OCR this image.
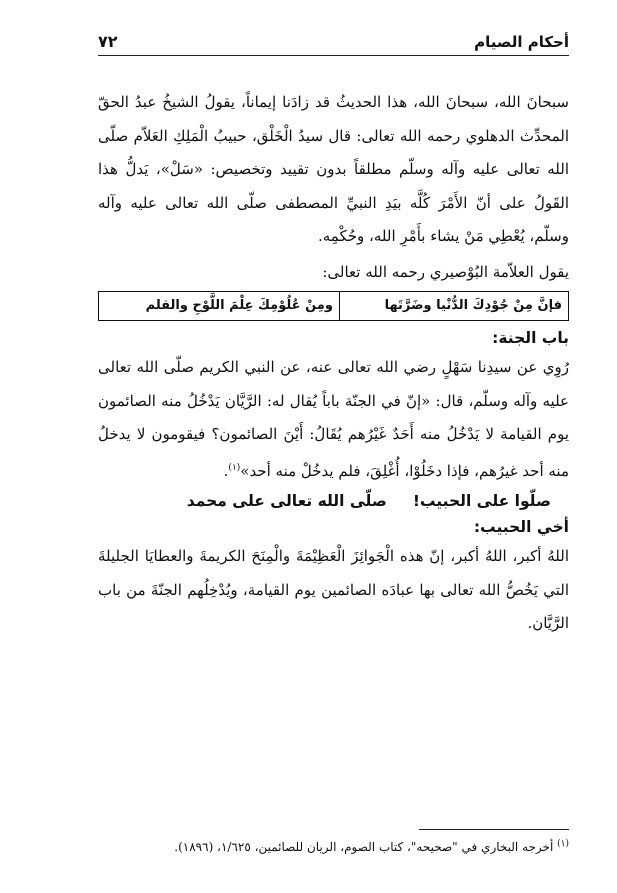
أحكام الصيام
٧٢

سبحانَ الله، سبحانَ الله، هذا الحديثُ قد زادَنا إيماناً، يقولُ الشيخُ عبدُ الحقّ المحدِّث الدهلوي رحمه الله تعالى: قال سيدُ الْخَلْق، حبيبُ الْمَلِكِ العَلاّم صلّى الله تعالى عليه وآله وسلّم مطلقاً بدون تقييد وتخصيص: «سَلْ»، يَدلُّ هذا القَولُ على أنّ الأَمْرَ كُلَّه بيَدِ النبيِّ المصطفى صلّى الله تعالى عليه وآله وسلّم، يُعْطِي مَنْ يشاء بأَمْرِ الله، وحُكْمِه.

يقول العلاّمة البُوْصيري رحمه الله تعالى:

فإنَّ مِنْ جُوْدِكَ الدُّنْيا وضَرَّتَها	ومِنْ عُلُوْمِكَ عِلْمَ اللَّوْحِ والقلم

باب الجنة:

رُوِي عن سيدِنا سَهْلٍ رضي الله تعالى عنه، عن النبي الكريم صلّى الله تعالى عليه وآله وسلّم، قال: «إنّ في الجنّة باباً يُقال له: الرَّيَّان يَدْخُلُ منه الصائمون يوم القيامة لا يَدْخُلُ منه أَحَدٌ غَيْرُهم يُقَالُ: أَيْنَ الصائمون؟ فيقومون لا يدخلُ منه أحد غيرُهم، فإذا دخَلُوْا، أُغْلِقَ، فلم يدخُلْ منه أحد»$^{(١)}$.

صلّوا على الحبيب!
صلّى الله تعالى على محمد

أخي الحبيب:

اللهُ أكبر، اللهُ أكبر، إنّ هذه الْجَوائِزَ الْعَظِيْمَةَ والْمِنَحَ الكريمةَ والعطايَا الجليلةَ التي يَخُصُّ الله تعالى بها عبادَه الصائمين يوم القيامة، ويُدْخِلُهم الجنّةَ من باب الرَّيَّان.

$^{(١)}$ أخرجه البخاري في "صحيحه"، كتاب الصوم، الريان للصائمين، ١/٦٢٥، (١٨٩٦).
